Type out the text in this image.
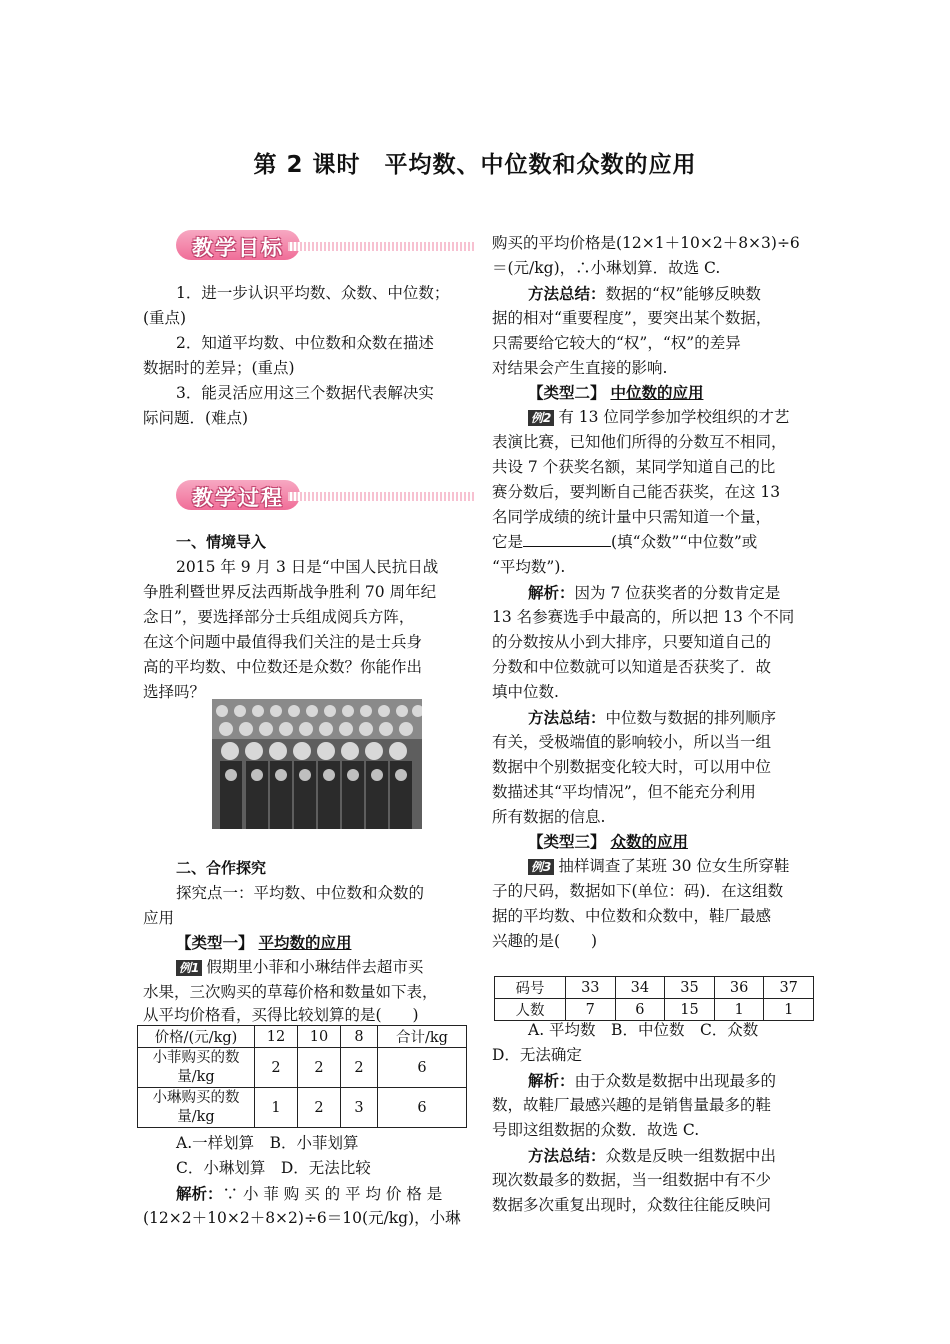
第 2 课时　平均数、中位数和众数的应用
教学目标

1．进一步认识平均数、众数、中位数；

(重点)

2．知道平均数、中位数和众数在描述

数据时的差异；(重点)

3．能灵活应用这三个数据代表解决实

际问题．(难点)

教学过程

一、情境导入

2015 年 9 月 3 日是“中国人民抗日战

争胜利暨世界反法西斯战争胜利 70 周年纪

念日”，要选择部分士兵组成阅兵方阵，

在这个问题中最值得我们关注的是士兵身

高的平均数、中位数还是众数？你能作出

选择吗？

二、合作探究

探究点一：平均数、中位数和众数的

应用

【类型一】 平均数的应用

例1 假期里小菲和小琳结伴去超市买

水果，三次购买的草莓价格和数量如下表，

从平均价格看，买得比较划算的是(　　)

价格/(元/kg)	12	10	8	合计/kg
小菲购买的数
量/kg	2	2	2	6
小琳购买的数
量/kg	1	2	3	6

A.一样划算　B．小菲划算

C．小琳划算　D．无法比较

解析：∵ 小 菲 购 买 的 平 均 价 格 是

(12×2＋10×2＋8×2)÷6＝10(元/kg)，小琳

购买的平均价格是(12×1＋10×2＋8×3)÷6

＝(元/kg)，∴小琳划算．故选 C.

方法总结：数据的“权”能够反映数

据的相对“重要程度”，要突出某个数据，

只需要给它较大的“权”，“权”的差异

对结果会产生直接的影响.

【类型二】 中位数的应用

例2 有 13 位同学参加学校组织的才艺

表演比赛，已知他们所得的分数互不相同，

共设 7 个获奖名额，某同学知道自己的比

赛分数后，要判断自己能否获奖，在这 13

名同学成绩的统计量中只需知道一个量，

它是	(填“众数”“中位数”或

“平均数”).

解析：因为 7 位获奖者的分数肯定是

13 名参赛选手中最高的，所以把 13 个不同

的分数按从小到大排序，只要知道自己的

分数和中位数就可以知道是否获奖了．故

填中位数.

方法总结：中位数与数据的排列顺序

有关，受极端值的影响较小，所以当一组

数据中个别数据变化较大时，可以用中位

数描述其“平均情况”，但不能充分利用

所有数据的信息.

【类型三】 众数的应用

例3 抽样调查了某班 30 位女生所穿鞋

子的尺码，数据如下(单位：码)．在这组数

据的平均数、中位数和众数中，鞋厂最感

兴趣的是(　　)

码号	33	34	35	36	37
人数	7	6	15	1	1

A. 平均数　B．中位数　C．众数

D．无法确定

解析：由于众数是数据中出现最多的

数，故鞋厂最感兴趣的是销售量最多的鞋

号即这组数据的众数．故选 C.

方法总结：众数是反映一组数据中出

现次数最多的数据，当一组数据中有不少

数据多次重复出现时，众数往往能反映问
